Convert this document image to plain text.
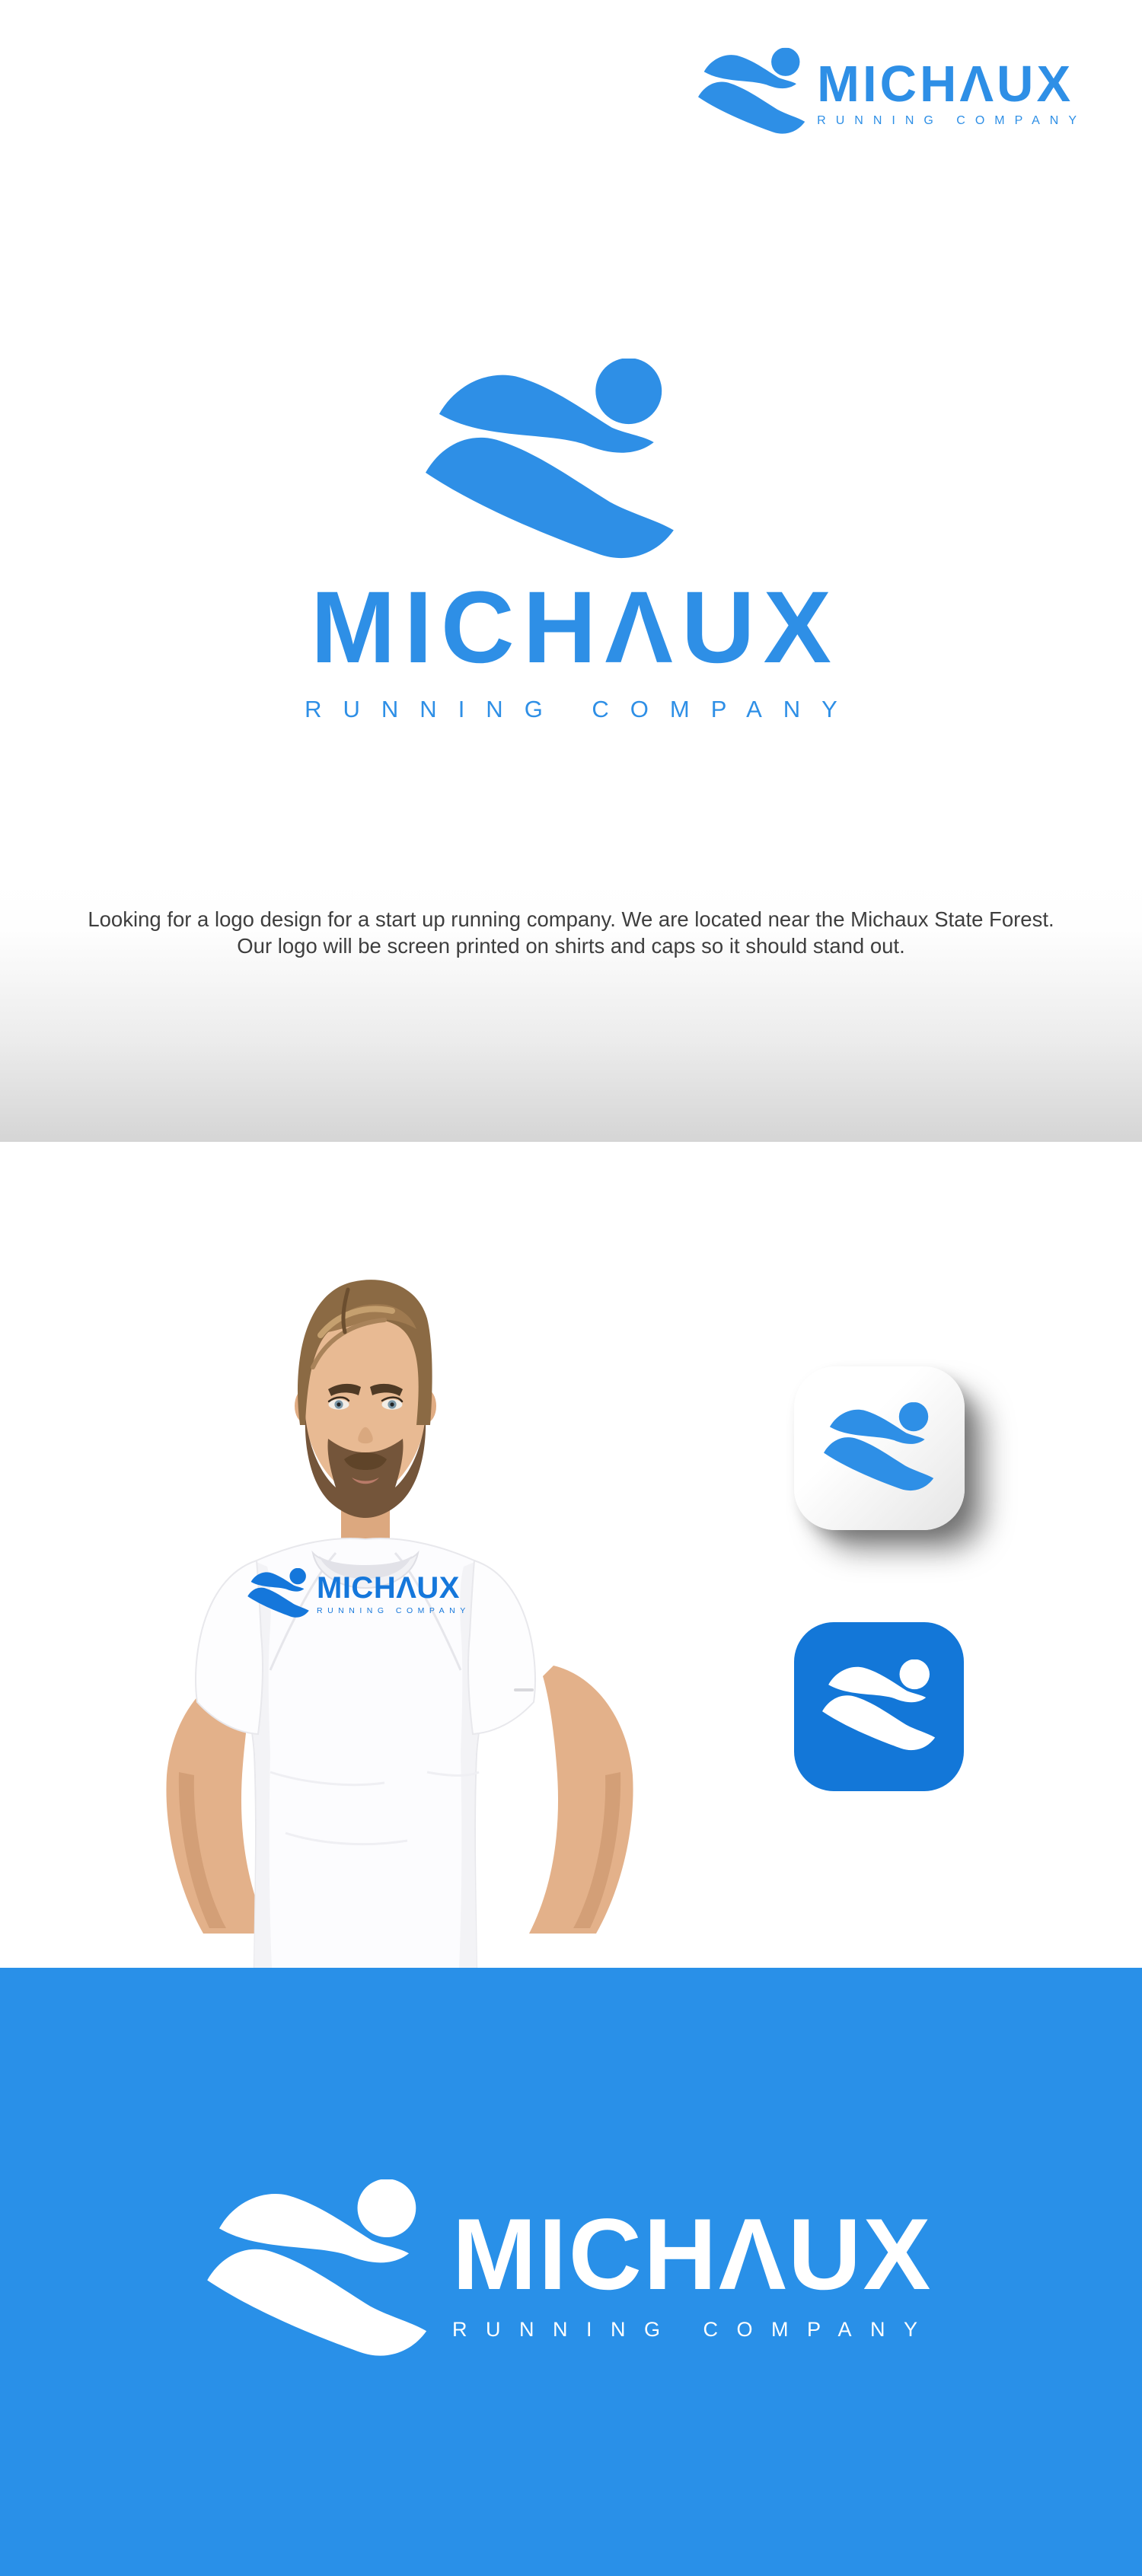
MICHΛUX
RUNNING COMPANY
MICHΛUX
RUNNING COMPANY

Looking for a logo design for a start up running company. We are located near the Michaux State Forest.
Our logo will be screen printed on shirts and caps so it should stand out.

MICHΛUX
RUNNING COMPANY
MICHΛUX
RUNNING COMPANY
